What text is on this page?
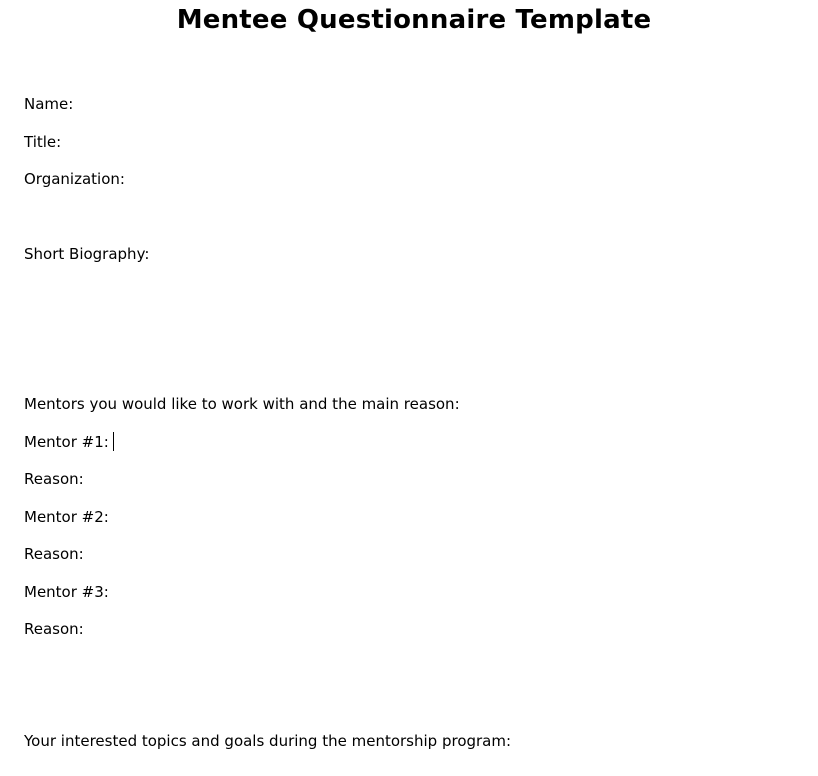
Mentee Questionnaire Template
Name:
Title:
Organization:
Short Biography:
Mentors you would like to work with and the main reason:
Mentor #1:
Reason:
Mentor #2:
Reason:
Mentor #3:
Reason:
Your interested topics and goals during the mentorship program:
